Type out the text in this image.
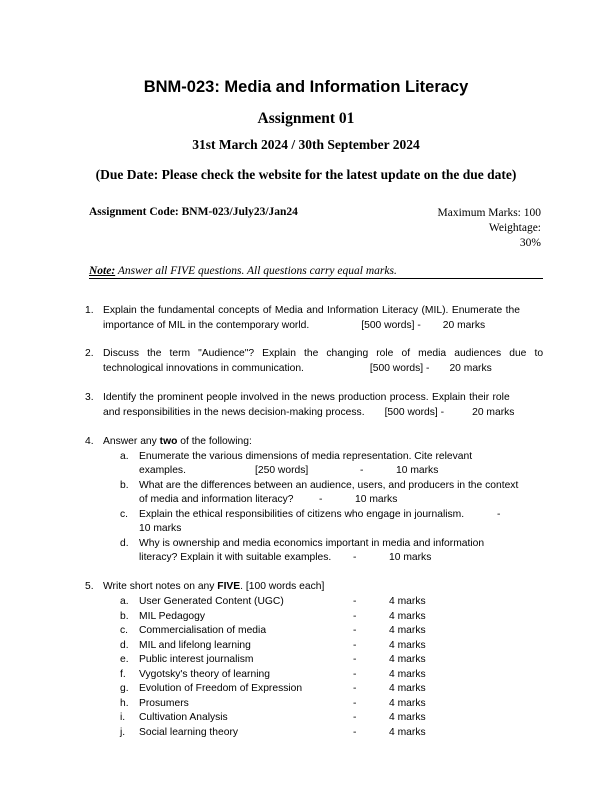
BNM-023: Media and Information Literacy
Assignment 01
31st March 2024 / 30th September 2024
(Due Date: Please check the website for the latest update on the due date)
Assignment Code: BNM-023/July23/Jan24	Maximum Marks: 100
Weightage:
30%
Note: Answer all FIVE questions. All questions carry equal marks.
1. Explain the fundamental concepts of Media and Information Literacy (MIL). Enumerate the
importance of MIL in the contemporary world.	[500 words] - 20 marks
2. Discuss the term "Audience"? Explain the changing role of media audiences due to
technological innovations in communication.	[500 words] - 20 marks
3. Identify the prominent people involved in the news production process. Explain their role
and responsibilities in the news decision-making process. [500 words] -	20 marks
4. Answer any two of the following:
a. Enumerate the various dimensions of media representation. Cite relevant
examples.	[250 words]	-	10 marks
b. What are the differences between an audience, users, and producers in the context
of media and information literacy? -	10 marks
c. Explain the ethical responsibilities of citizens who engage in journalism.	-
10 marks
d. Why is ownership and media economics important in media and information
literacy? Explain it with suitable examples. -	10 marks
5. Write short notes on any FIVE. [100 words each]
a. User Generated Content (UGC)	-	4 marks
b. MIL Pedagogy	-	4 marks
c. Commercialisation of media	-	4 marks
d. MIL and lifelong learning	-	4 marks
e. Public interest journalism	-	4 marks
f. Vygotsky's theory of learning	-	4 marks
g. Evolution of Freedom of Expression	-	4 marks
h. Prosumers	-	4 marks
i. Cultivation Analysis	-	4 marks
j. Social learning theory	-	4 marks
